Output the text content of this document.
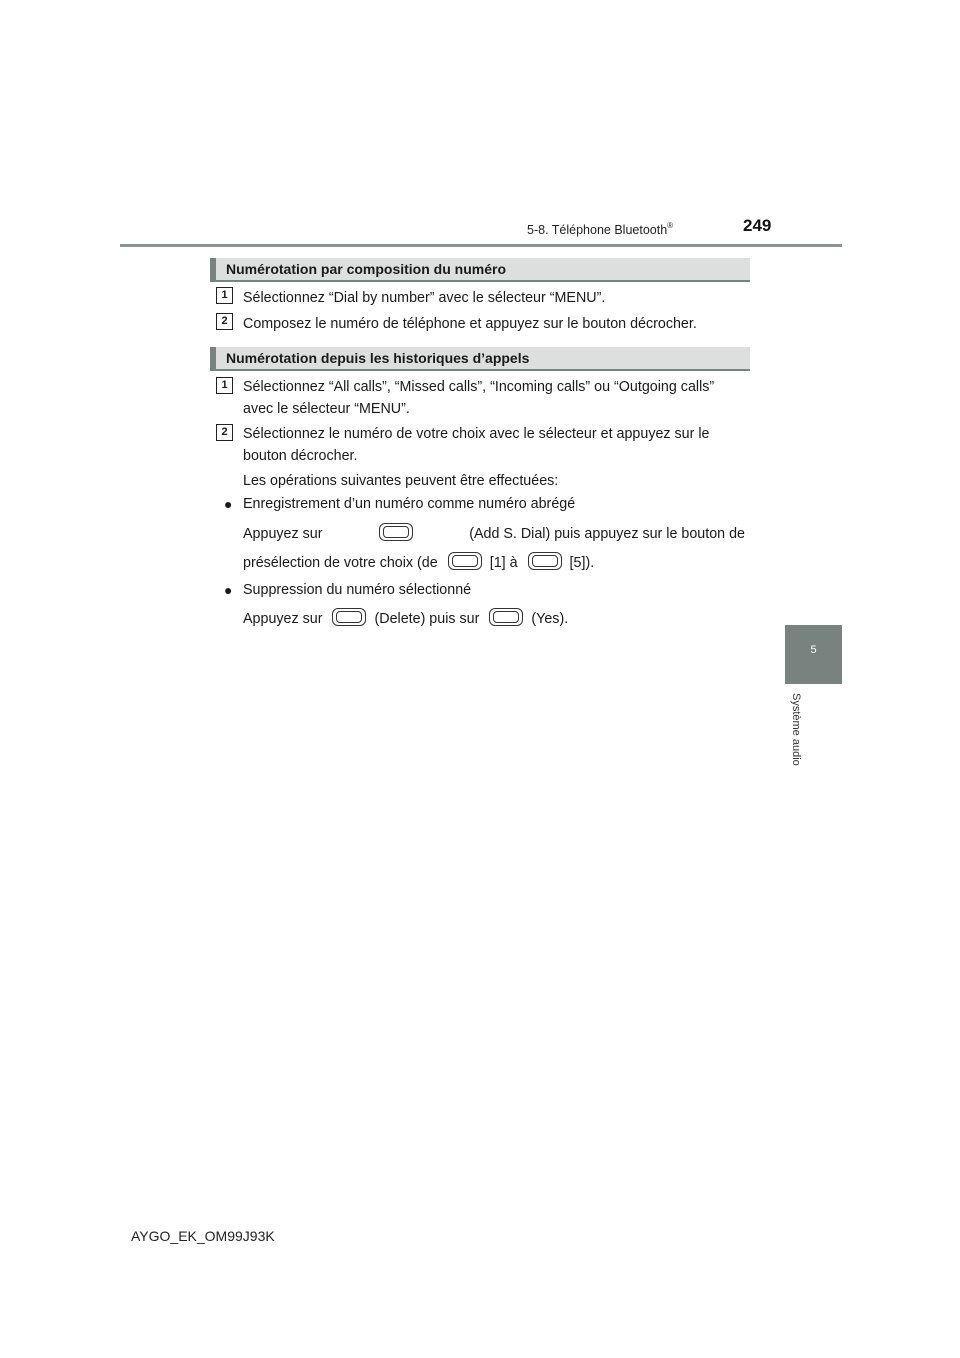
5-8. Téléphone Bluetooth®	249
5
Système audio
Numérotation par composition du numéro
1	Sélectionnez “Dial by number” avec le sélecteur “MENU”.
2	Composez le numéro de téléphone et appuyez sur le bouton décrocher.
Numérotation depuis les historiques d’appels
1	Sélectionnez “All calls”, “Missed calls”, “Incoming calls” ou “Outgoing calls”
avec le sélecteur “MENU”.
2	Sélectionnez le numéro de votre choix avec le sélecteur et appuyez sur le
bouton décrocher.
Les opérations suivantes peuvent être effectuées:
● Enregistrement d’un numéro comme numéro abrégé
Appuyez sur	(Add S. Dial) puis appuyez sur le bouton de
présélection de votre choix (de	[1] à	[5]).
● Suppression du numéro sélectionné
Appuyez sur	(Delete) puis sur	(Yes).
AYGO_EK_OM99J93K
